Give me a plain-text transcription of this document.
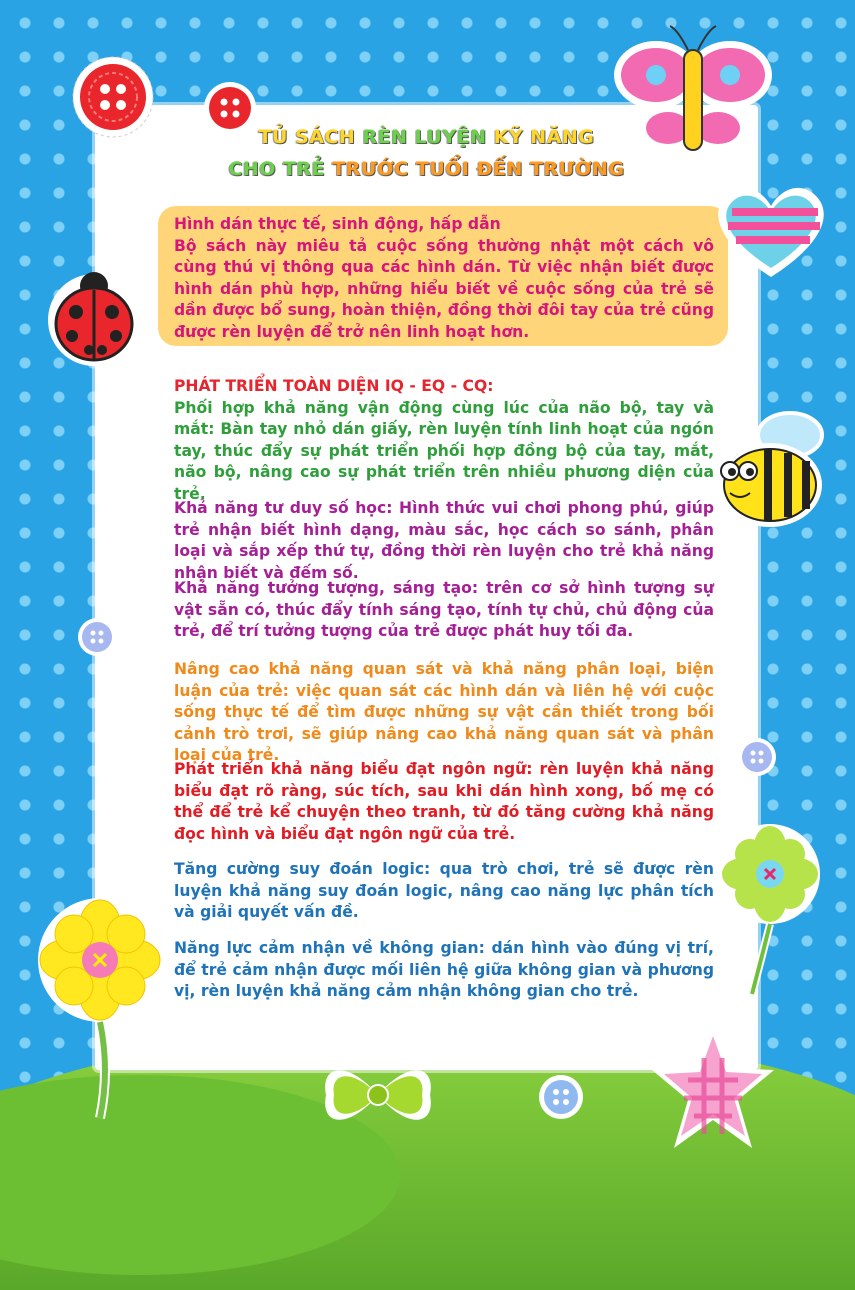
TỦ SÁCH RÈN LUYỆN KỸ NĂNG
CHO TRẺ TRƯỚC TUỔI ĐẾN TRƯỜNG
Hình dán thực tế, sinh động, hấp dẫn
Bộ sách này miêu tả cuộc sống thường nhật một cách vô cùng thú vị thông qua các hình dán. Từ việc nhận biết được hình dán phù hợp, những hiểu biết về cuộc sống của trẻ sẽ dần được bổ sung, hoàn thiện, đồng thời đôi tay của trẻ cũng được rèn luyện để trở nên linh hoạt hơn.
PHÁT TRIỂN TOÀN DIỆN IQ - EQ - CQ:
Phối hợp khả năng vận động cùng lúc của não bộ, tay và mắt: Bàn tay nhỏ dán giấy, rèn luyện tính linh hoạt của ngón tay, thúc đẩy sự phát triển phối hợp đồng bộ của tay, mắt, não bộ, nâng cao sự phát triển trên nhiều phương diện của trẻ.
Khả năng tư duy số học: Hình thức vui chơi phong phú, giúp trẻ nhận biết hình dạng, màu sắc, học cách so sánh, phân loại và sắp xếp thứ tự, đồng thời rèn luyện cho trẻ khả năng nhận biết và đếm số.
Khả năng tưởng tượng, sáng tạo: trên cơ sở hình tượng sự vật sẵn có, thúc đẩy tính sáng tạo, tính tự chủ, chủ động của trẻ, để trí tưởng tượng của trẻ được phát huy tối đa.
Nâng cao khả năng quan sát và khả năng phân loại, biện luận của trẻ: việc quan sát các hình dán và liên hệ với cuộc sống thực tế để tìm được những sự vật cần thiết trong bối cảnh trò trơi, sẽ giúp nâng cao khả năng quan sát và phân loại của trẻ.
Phát triển khả năng biểu đạt ngôn ngữ: rèn luyện khả năng biểu đạt rõ ràng, súc tích, sau khi dán hình xong, bố mẹ có thể để trẻ kể chuyện theo tranh, từ đó tăng cường khả năng đọc hình và biểu đạt ngôn ngữ của trẻ.
Tăng cường suy đoán logic: qua trò chơi, trẻ sẽ được rèn luyện khả năng suy đoán logic, nâng cao năng lực phân tích và giải quyết vấn đề.
Năng lực cảm nhận về không gian: dán hình vào đúng vị trí, để trẻ cảm nhận được mối liên hệ giữa không gian và phương vị, rèn luyện khả năng cảm nhận không gian cho trẻ.
